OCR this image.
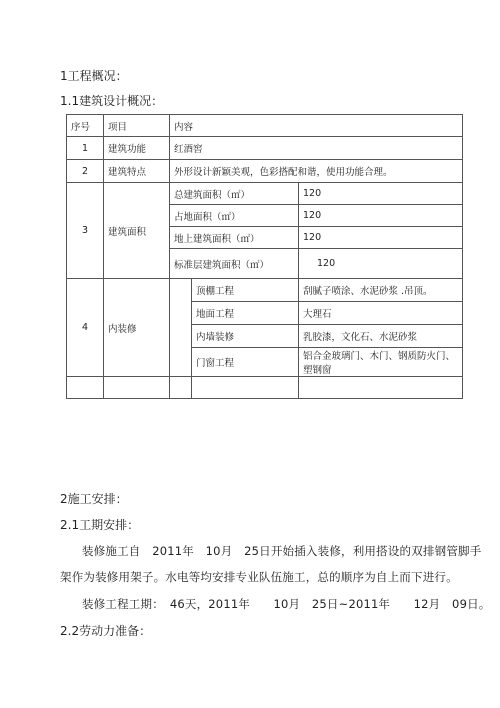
1工程概况：
1.1建筑设计概况：
序号	项目	内容		
1	建筑功能	红酒窖		
2	建筑特点	外形设计新颖美观，色彩搭配和谐，使用功能合理。		
3	建筑面积	总建筑面积（㎡）		120
		占地面积（㎡）		120
		地上建筑面积（㎡）		120
		标准层建筑面积（㎡）		120
4	内装修		顶棚工程	刮腻子喷涂、水泥砂浆 .吊顶。
			地面工程	大理石
			内墙装修	乳胶漆，文化石、水泥砂浆
			门窗工程	铝合金玻璃门、木门、钢质防火门、塑钢窗

2施工安排：
2.1工期安排：
装修施工自　2011年　10月　25日开始插入装修，利用搭设的双排钢管脚手
架作为装修用架子。水电等均安排专业队伍施工，总的顺序为自上而下进行。
装修工程工期：　46天，2011年　　10月　25日~2011年　　12月　09日。
2.2劳动力准备：
